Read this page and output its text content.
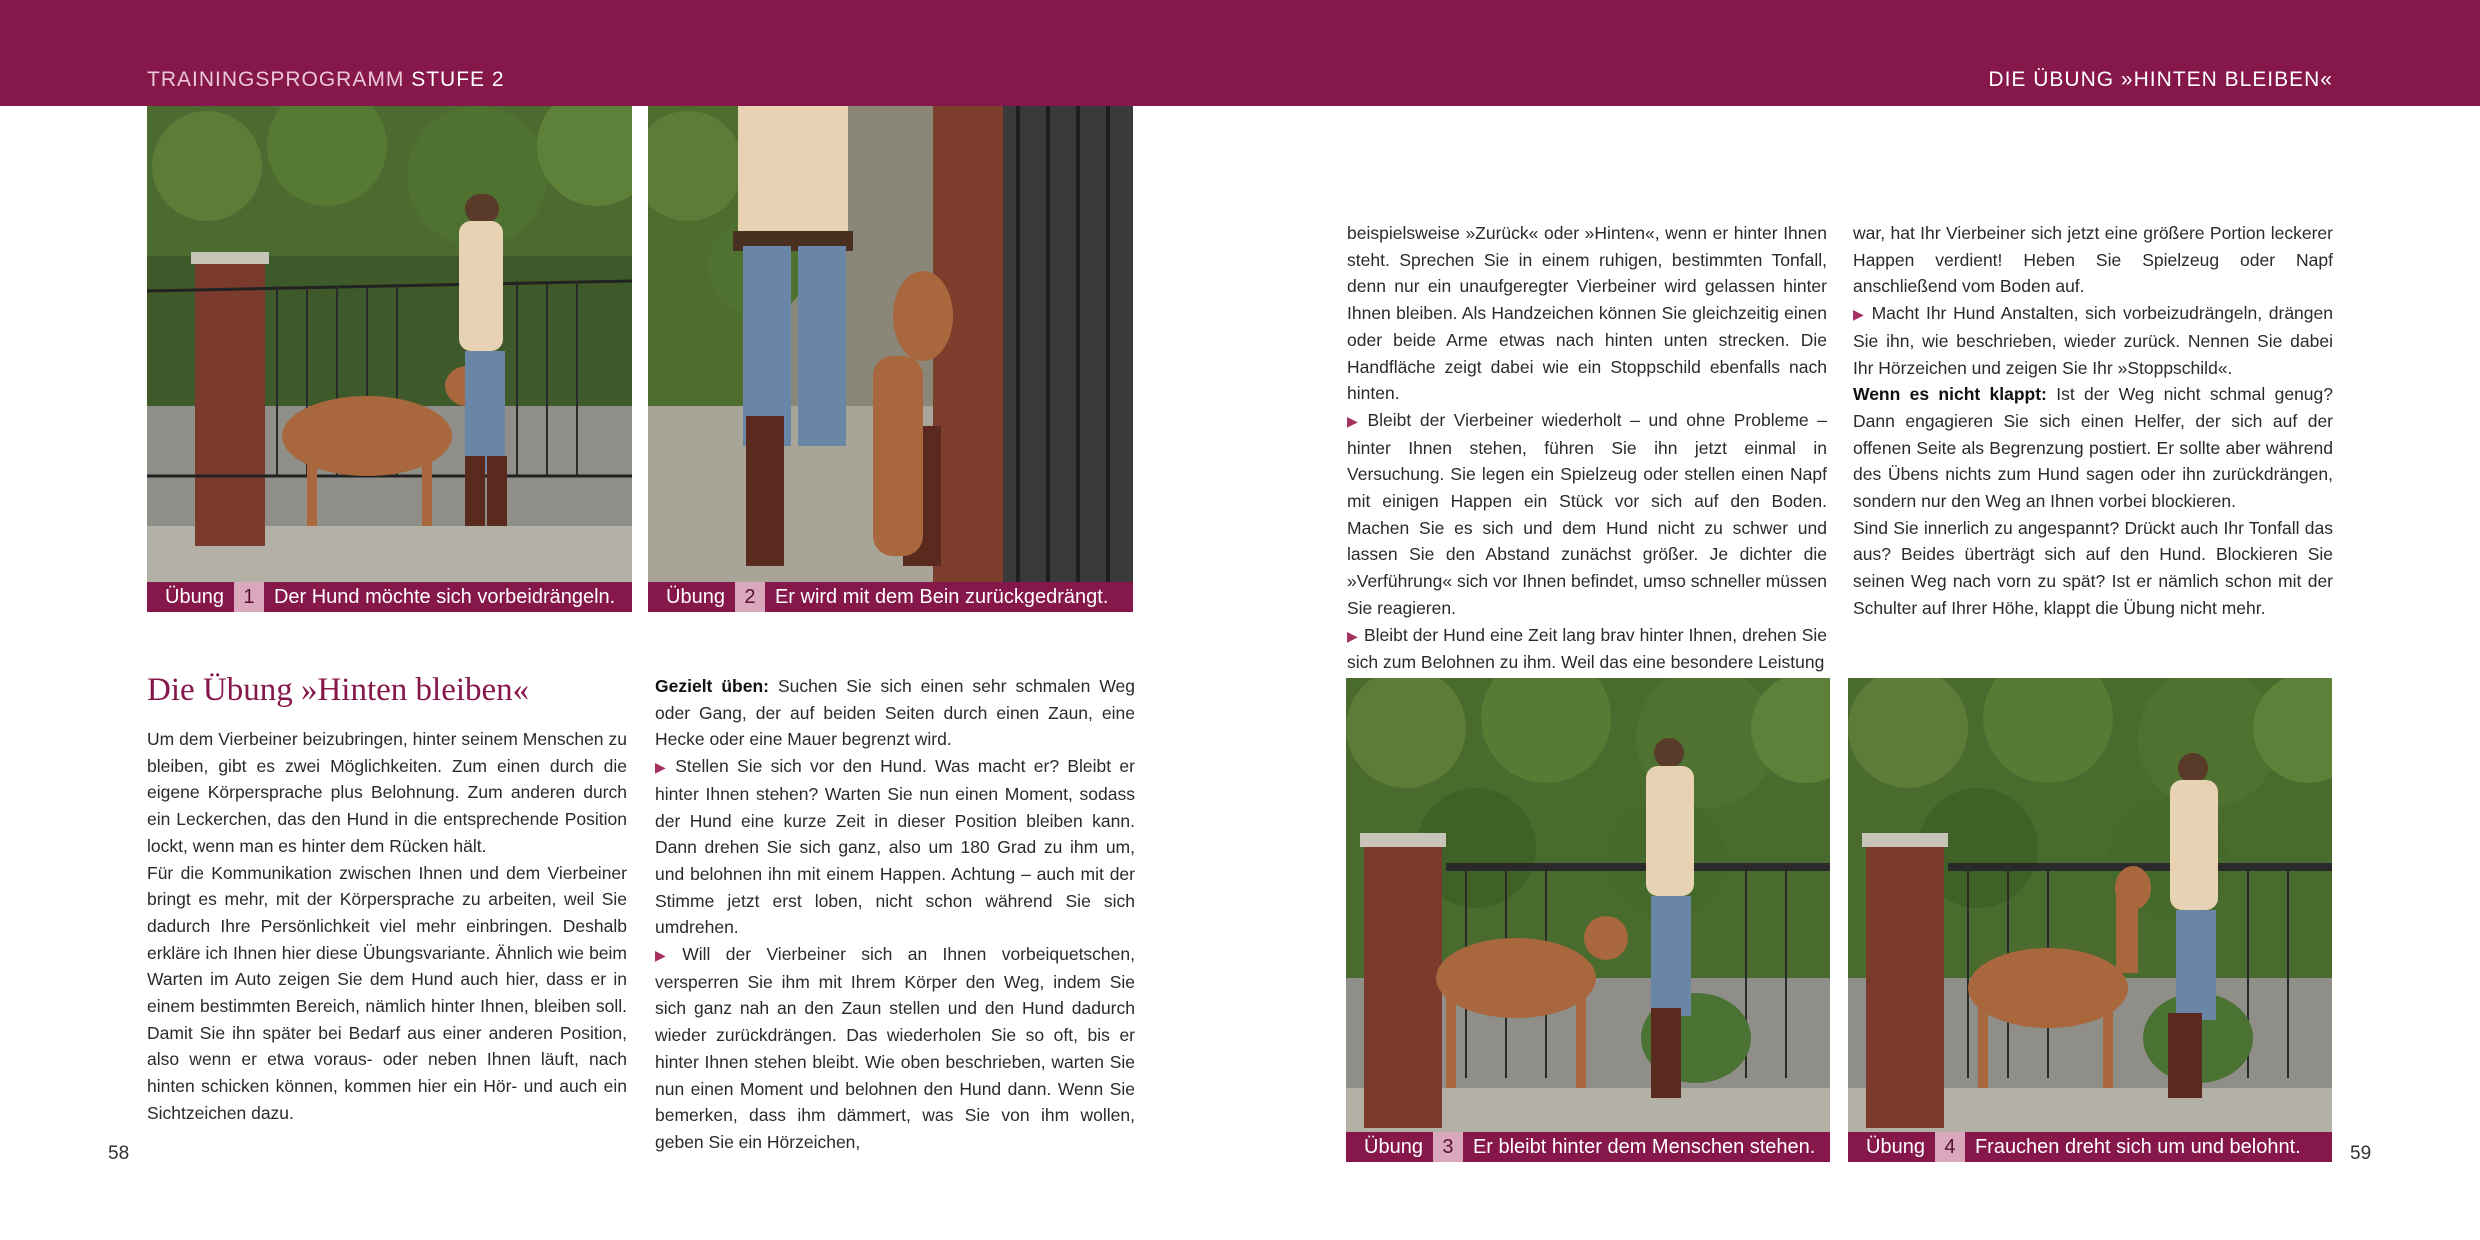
TRAININGSPROGRAMM STUFE 2	DIE ÜBUNG »HINTEN BLEIBEN«
Übung 1 Der Hund möchte sich vorbeidrängeln.	Übung 2 Er wird mit dem Bein zurückgedrängt.
Die Übung »Hinten bleiben«

Um dem Vierbeiner beizubringen, hinter seinem Menschen zu bleiben, gibt es zwei Möglichkeiten. Zum einen durch die eigene Körpersprache plus Belohnung. Zum anderen durch ein Leckerchen, das den Hund in die entsprechende Position lockt, wenn man es hinter dem Rücken hält.

Für die Kommunikation zwischen Ihnen und dem Vierbeiner bringt es mehr, mit der Körpersprache zu arbeiten, weil Sie dadurch Ihre Persönlichkeit viel mehr einbringen. Deshalb erkläre ich Ihnen hier diese Übungsvariante. Ähnlich wie beim Warten im Auto zeigen Sie dem Hund auch hier, dass er in einem bestimmten Bereich, nämlich hinter Ihnen, bleiben soll. Damit Sie ihn später bei Bedarf aus einer anderen Position, also wenn er etwa voraus- oder neben Ihnen läuft, nach hinten schicken können, kommen hier ein Hör- und auch ein Sichtzeichen dazu.

Gezielt üben: Suchen Sie sich einen sehr schmalen Weg oder Gang, der auf beiden Seiten durch einen Zaun, eine Hecke oder eine Mauer begrenzt wird.

▶ Stellen Sie sich vor den Hund. Was macht er? Bleibt er hinter Ihnen stehen? Warten Sie nun einen Moment, sodass der Hund eine kurze Zeit in dieser Position bleiben kann. Dann drehen Sie sich ganz, also um 180 Grad zu ihm um, und belohnen ihn mit einem Happen. Achtung – auch mit der Stimme jetzt erst loben, nicht schon während Sie sich umdrehen.

▶ Will der Vierbeiner sich an Ihnen vorbeiquetschen, versperren Sie ihm mit Ihrem Körper den Weg, indem Sie sich ganz nah an den Zaun stellen und den Hund dadurch wieder zurückdrängen. Das wiederholen Sie so oft, bis er hinter Ihnen stehen bleibt. Wie oben beschrieben, warten Sie nun einen Moment und belohnen den Hund dann. Wenn Sie bemerken, dass ihm dämmert, was Sie von ihm wollen, geben Sie ein Hörzeichen,

58

beispielsweise »Zurück« oder »Hinten«, wenn er hinter Ihnen steht. Sprechen Sie in einem ruhigen, bestimmten Tonfall, denn nur ein unaufgeregter Vierbeiner wird gelassen hinter Ihnen bleiben. Als Handzeichen können Sie gleichzeitig einen oder beide Arme etwas nach hinten unten strecken. Die Handfläche zeigt dabei wie ein Stoppschild ebenfalls nach hinten.

▶ Bleibt der Vierbeiner wiederholt – und ohne Probleme – hinter Ihnen stehen, führen Sie ihn jetzt einmal in Versuchung. Sie legen ein Spielzeug oder stellen einen Napf mit einigen Happen ein Stück vor sich auf den Boden. Machen Sie es sich und dem Hund nicht zu schwer und lassen Sie den Abstand zunächst größer. Je dichter die »Verführung« sich vor Ihnen befindet, umso schneller müssen Sie reagieren.

▶ Bleibt der Hund eine Zeit lang brav hinter Ihnen, drehen Sie sich zum Belohnen zu ihm. Weil das eine besondere Leistung

war, hat Ihr Vierbeiner sich jetzt eine größere Portion leckerer Happen verdient! Heben Sie Spielzeug oder Napf anschließend vom Boden auf.

▶ Macht Ihr Hund Anstalten, sich vorbeizudrängeln, drängen Sie ihn, wie beschrieben, wieder zurück. Nennen Sie dabei Ihr Hörzeichen und zeigen Sie Ihr »Stoppschild«.

Wenn es nicht klappt: Ist der Weg nicht schmal genug? Dann engagieren Sie sich einen Helfer, der sich auf der offenen Seite als Begrenzung postiert. Er sollte aber während des Übens nichts zum Hund sagen oder ihn zurückdrängen, sondern nur den Weg an Ihnen vorbei blockieren.

Sind Sie innerlich zu angespannt? Drückt auch Ihr Tonfall das aus? Beides überträgt sich auf den Hund. Blockieren Sie seinen Weg nach vorn zu spät? Ist er nämlich schon mit der Schulter auf Ihrer Höhe, klappt die Übung nicht mehr.

Übung 3 Er bleibt hinter dem Menschen stehen.	Übung 4 Frauchen dreht sich um und belohnt.	59
